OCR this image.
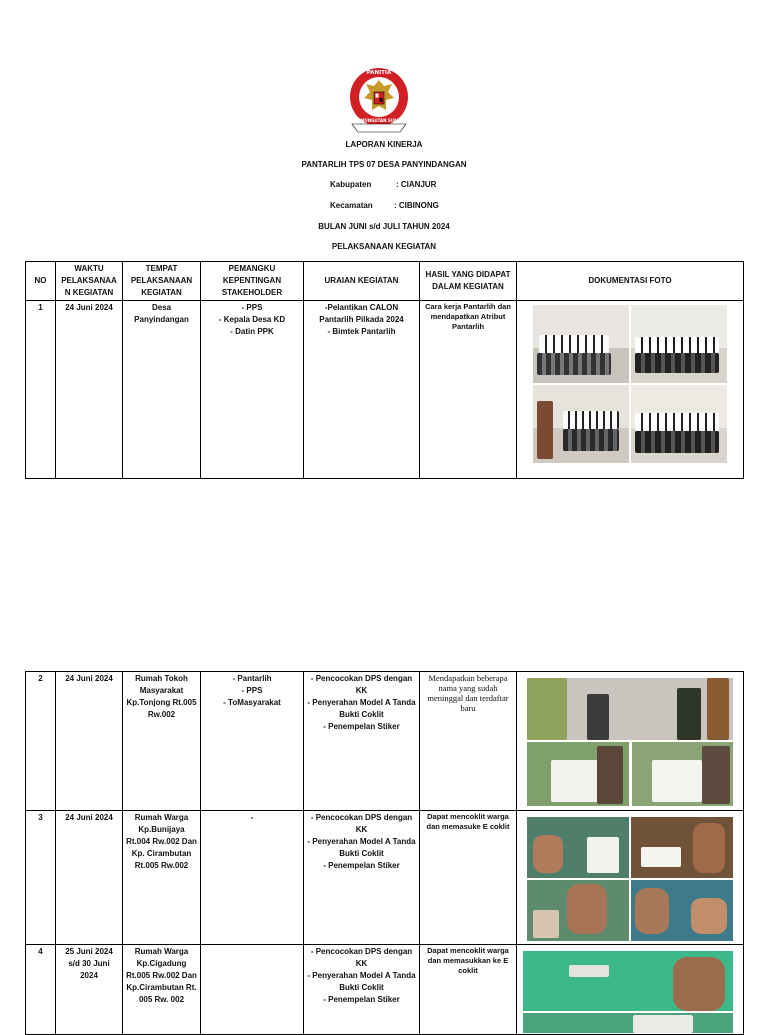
PANITIA
PEMUNGUTAN SUARA
LAPORAN KINERJA
PANTARLIH TPS 07 DESA PANYINDANGAN
Kabupaten	: CIANJUR
Kecamatan	: CIBINONG
BULAN JUNI s/d JULI TAHUN 2024
PELAKSANAAN KEGIATAN
NO	WAKTU PELAKSANAA N KEGIATAN	TEMPAT PELAKSANAAN KEGIATAN	PEMANGKU KEPENTINGAN STAKEHOLDER	URAIAN KEGIATAN	HASIL YANG DIDAPAT DALAM KEGIATAN	DOKUMENTASI FOTO
1	24 Juni 2024	Desa Panyindangan	- PPS
- Kepala Desa KD
- Datin PPK	-Pelantikan CALON Pantarlih Pilkada 2024
- Bimtek Pantarlih	Cara kerja Pantarlih dan mendapatkan Atribut Pantarlih	
2	24 Juni 2024	Rumah Tokoh Masyarakat Kp.Tonjong Rt.005 Rw.002	- Pantarlih
- PPS
- ToMasyarakat	- Pencocokan DPS dengan KK
- Penyerahan Model A Tanda Bukti Coklit
- Penempelan Stiker	Mendapatkan beberapa nama yang sudah meninggal dan terdaftar baru	

3	24 Juni 2024	Rumah Warga Kp.Bunijaya Rt.004 Rw.002 Dan Kp. Cirambutan Rt.005 Rw.002	-	- Pencocokan DPS dengan KK
- Penyerahan Model A Tanda Bukti Coklit
- Penempelan Stiker	Dapat mencoklit warga dan memasuke E coklit	

4	25 Juni 2024 s/d 30 Juni 2024	Rumah Warga Kp.Cigadung Rt.005 Rw.002 Dan Kp.Cirambutan Rt. 005 Rw. 002		- Pencocokan DPS dengan KK
- Penyerahan Model A Tanda Bukti Coklit
- Penempelan Stiker	Dapat mencoklit warga dan memasukkan ke E coklit	
